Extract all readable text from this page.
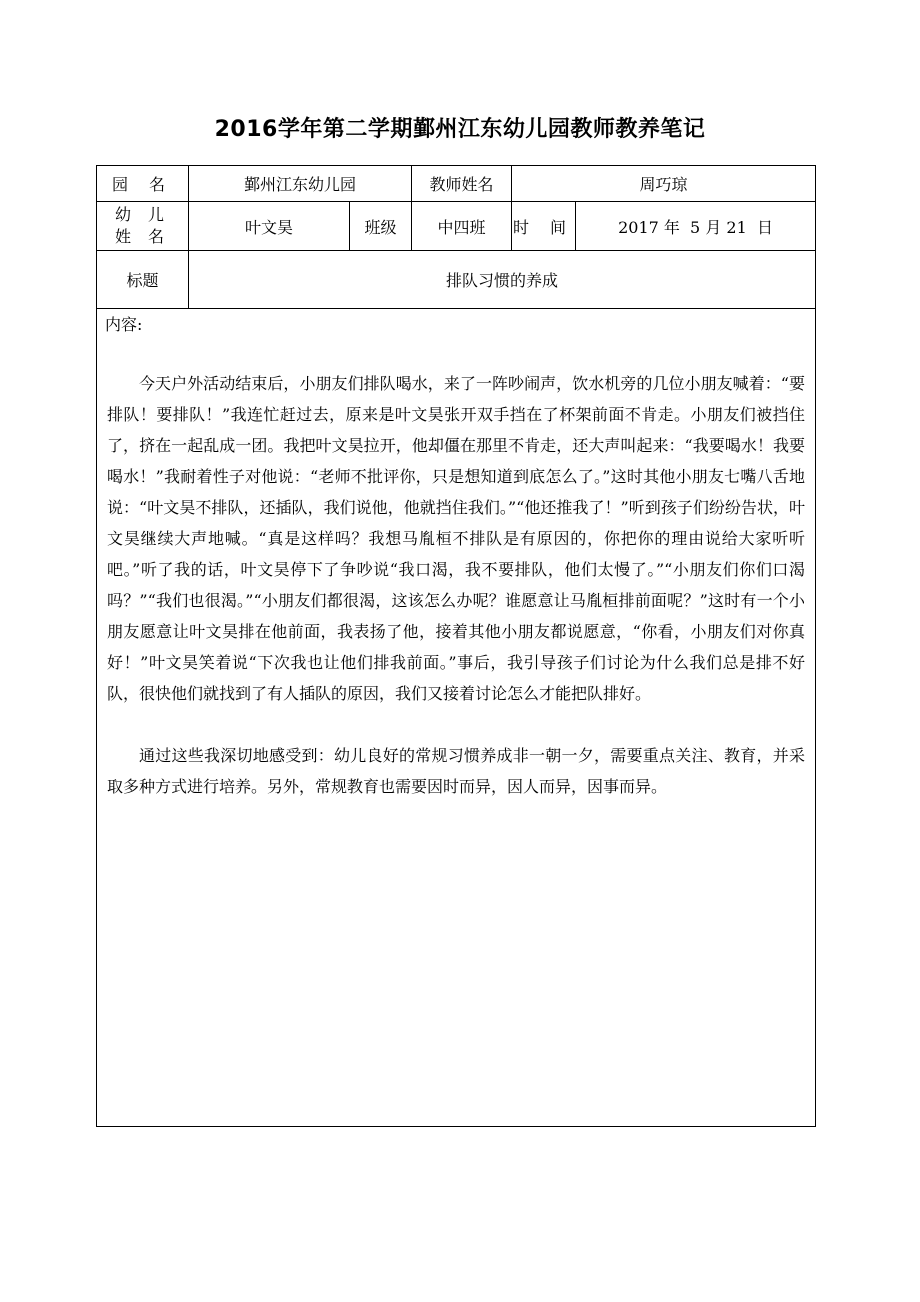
2016学年第二学期鄞州江东幼儿园教师教养笔记
园 名	鄞州江东幼儿园		教师姓名	周巧琼	

幼 儿
姓 名	叶文昊	班级	中四班	时 间	2017 年  5 月 21  日
标题	排队习惯的养成				

内容:

今天户外活动结束后，小朋友们排队喝水，来了一阵吵闹声，饮水机旁的几位小朋友喊着：“要排队！要排队！”我连忙赶过去，原来是叶文昊张开双手挡在了杯架前面不肯走。小朋友们被挡住了，挤在一起乱成一团。我把叶文昊拉开，他却僵在那里不肯走，还大声叫起来：“我要喝水！我要喝水！”我耐着性子对他说：“老师不批评你，只是想知道到底怎么了。”这时其他小朋友七嘴八舌地说：“叶文昊不排队，还插队，我们说他，他就挡住我们。”“他还推我了！”听到孩子们纷纷告状，叶文昊继续大声地喊。“真是这样吗？我想马胤桓不排队是有原因的，你把你的理由说给大家听听吧。”听了我的话，叶文昊停下了争吵说“我口渴，我不要排队，他们太慢了。”“小朋友们你们口渴吗？”“我们也很渴。”“小朋友们都很渴，这该怎么办呢？谁愿意让马胤桓排前面呢？”这时有一个小朋友愿意让叶文昊排在他前面，我表扬了他，接着其他小朋友都说愿意，“你看，小朋友们对你真好！”叶文昊笑着说“下次我也让他们排我前面。”事后，我引导孩子们讨论为什么我们总是排不好队，很快他们就找到了有人插队的原因，我们又接着讨论怎么才能把队排好。

通过这些我深切地感受到：幼儿良好的常规习惯养成非一朝一夕，需要重点关注、教育，并采取多种方式进行培养。另外，常规教育也需要因时而异，因人而异，因事而异。					
